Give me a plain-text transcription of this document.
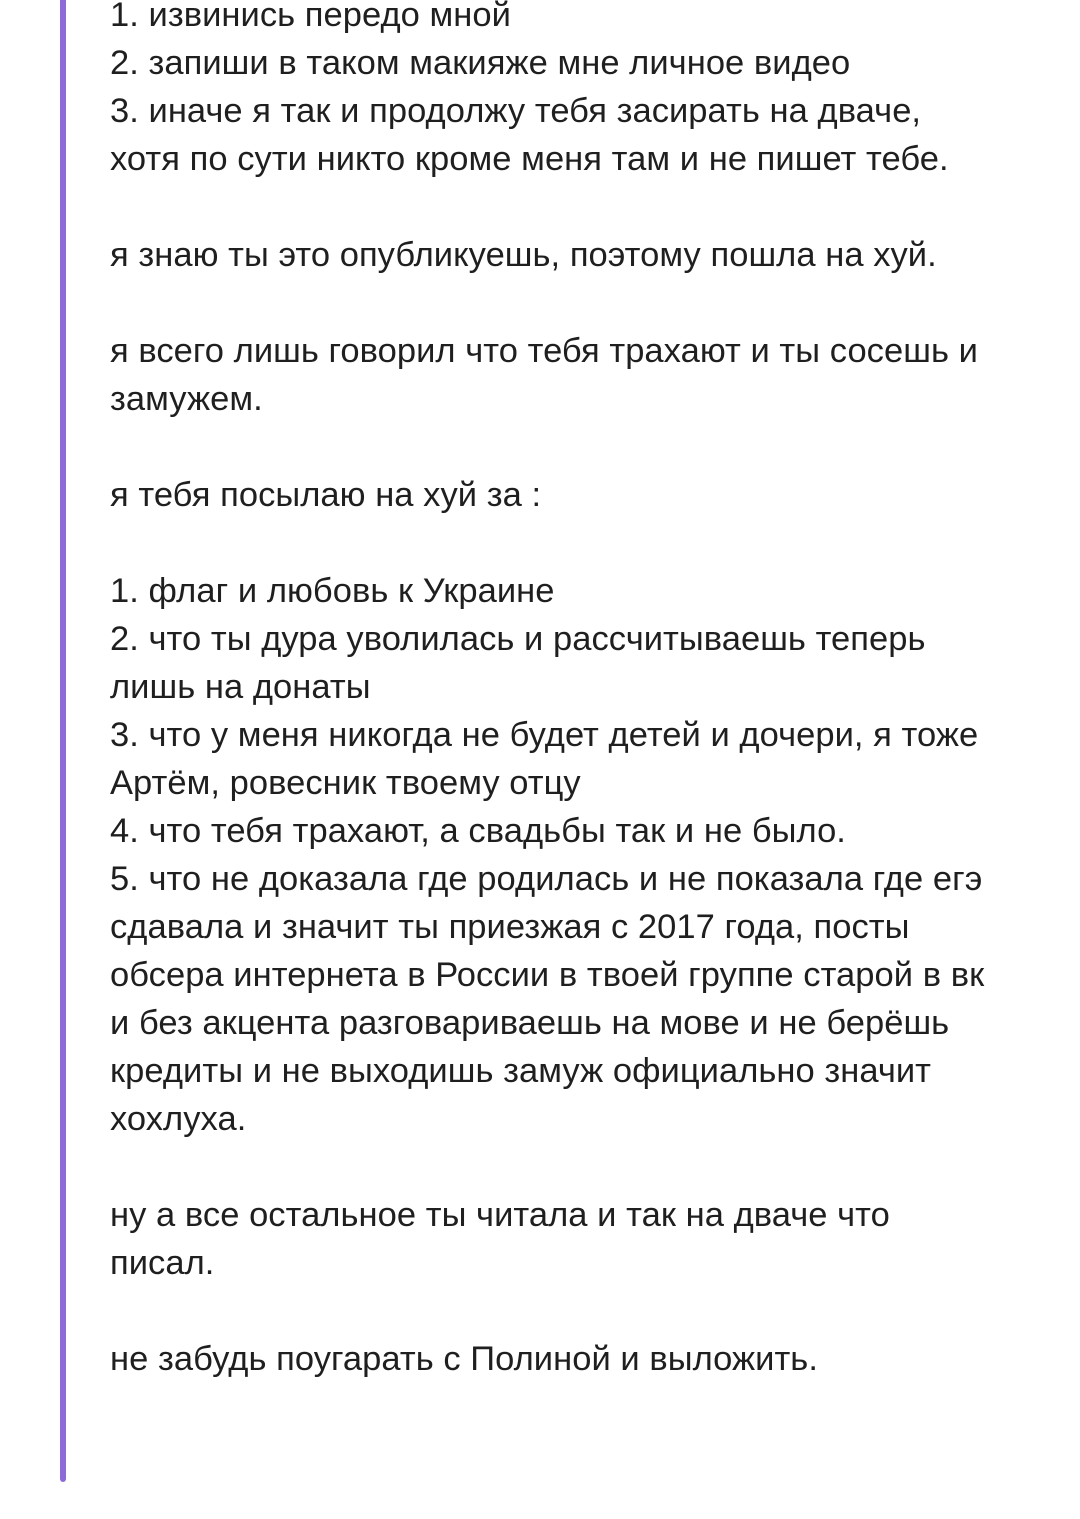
1. извинись передо мной
2. запиши в таком макияже мне личное видео
3. иначе я так и продолжу тебя засирать на дваче,
хотя по сути никто кроме меня там и не пишет тебе.
я знаю ты это опубликуешь, поэтому пошла на хуй.
я всего лишь говорил что тебя трахают и ты сосешь и
замужем.
я тебя посылаю на хуй за :
1. флаг и любовь к Украине
2. что ты дура уволилась и рассчитываешь теперь
лишь на донаты
3. что у меня никогда не будет детей и дочери, я тоже
Артём, ровесник твоему отцу
4. что тебя трахают, а свадьбы так и не было.
5. что не доказала где родилась и не показала где егэ
сдавала и значит ты приезжая с 2017 года, посты
обсера интернета в России в твоей группе старой в вк
и без акцента разговариваешь на мове и не берёшь
кредиты и не выходишь замуж официально значит
хохлуха.
ну а все остальное ты читала и так на дваче что
писал.
не забудь поугарать с Полиной и выложить.
